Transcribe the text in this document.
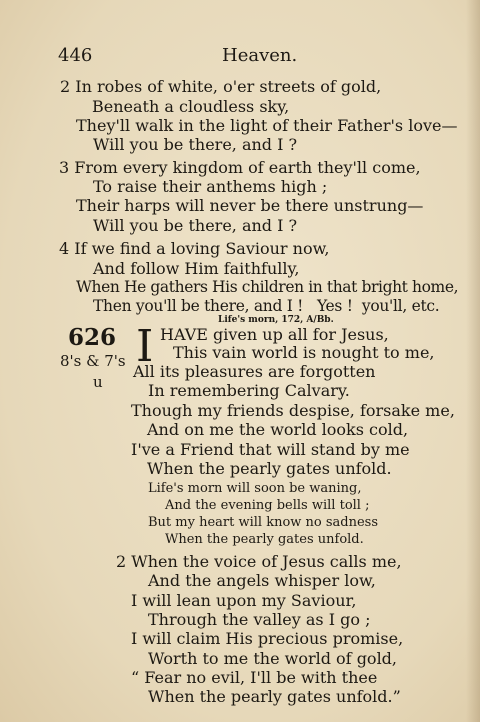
446	Heaven.
2 In robes of white, o'er streets of gold,
Beneath a cloudless sky,
They'll walk in the light of their Father's love—
Will you be there, and I ?
3 From every kingdom of earth they'll come,
To raise their anthems high ;
Their harps will never be there unstrung—
Will you be there, and I ?
4 If we find a loving Saviour now,
And follow Him faithfully,
When He gathers His children in that bright home,
Then you'll be there, and I !   Yes !  you'll, etc.
Life's morn, 172, A/Bb.
626
8's & 7's
u
I HAVE given up all for Jesus,
This vain world is nought to me,
All its pleasures are forgotten
In remembering Calvary.
Though my friends despise, forsake me,
And on me the world looks cold,
I've a Friend that will stand by me
When the pearly gates unfold.
Life's morn will soon be waning,
And the evening bells will toll ;
But my heart will know no sadness
When the pearly gates unfold.
2 When the voice of Jesus calls me,
And the angels whisper low,
I will lean upon my Saviour,
Through the valley as I go ;
I will claim His precious promise,
Worth to me the world of gold,
“ Fear no evil, I'll be with thee
When the pearly gates unfold.”
